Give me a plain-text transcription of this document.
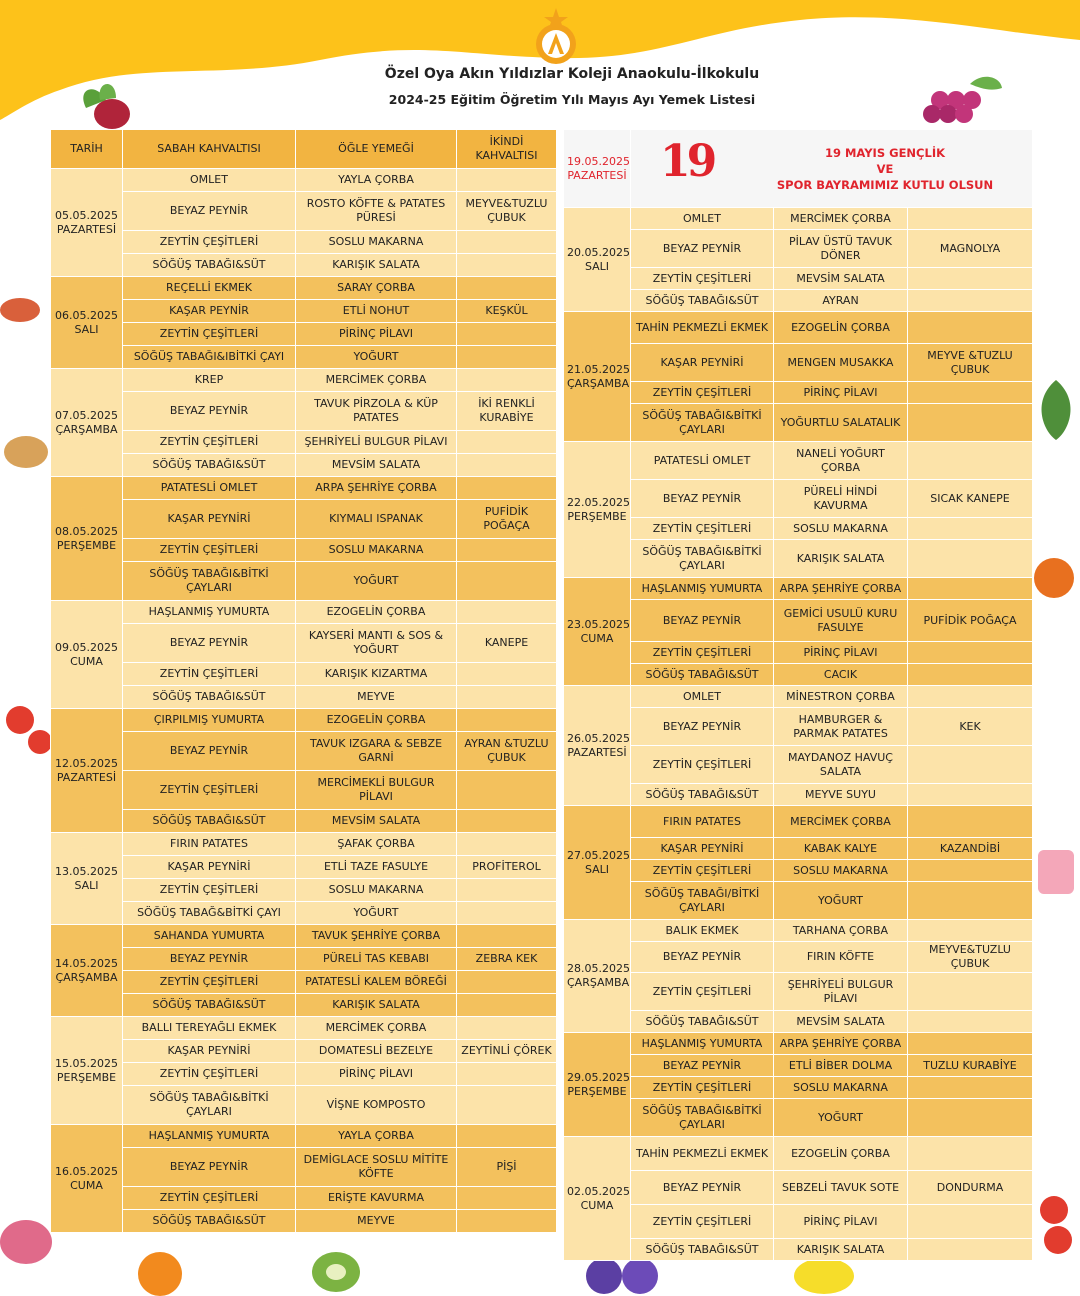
Özel Oya Akın Yıldızlar Koleji Anaokulu-İlkokulu
2024-25 Eğitim Öğretim Yılı Mayıs Ayı Yemek Listesi
TARİH	SABAH KAHVALTISI	ÖĞLE YEMEĞİ	İKİNDİ KAHVALTISI
05.05.2025 PAZARTESİ	OMLET	YAYLA ÇORBA	
	BEYAZ PEYNİR	ROSTO KÖFTE & PATATES PÜRESİ	MEYVE&TUZLU ÇUBUK
	ZEYTİN ÇEŞİTLERİ	SOSLU MAKARNA	
	SÖĞÜŞ TABAĞI&SÜT	KARIŞIK SALATA	
06.05.2025 SALI	REÇELLİ EKMEK	SARAY ÇORBA	
	KAŞAR PEYNİR	ETLİ NOHUT	KEŞKÜL
	ZEYTİN ÇEŞİTLERİ	PİRİNÇ PİLAVI	
	SÖĞÜŞ TABAĞI&IBİTKİ ÇAYI	YOĞURT	
07.05.2025 ÇARŞAMBA	KREP	MERCİMEK ÇORBA	
	BEYAZ PEYNİR	TAVUK PİRZOLA & KÜP PATATES	İKİ RENKLİ KURABİYE
	ZEYTİN ÇEŞİTLERİ	ŞEHRİYELİ BULGUR PİLAVI	
	SÖĞÜŞ TABAĞI&SÜT	MEVSİM SALATA	
08.05.2025 PERŞEMBE	PATATESLİ OMLET	ARPA ŞEHRİYE ÇORBA	
	KAŞAR PEYNİRİ	KIYMALI ISPANAK	PUFİDİK POĞAÇA
	ZEYTİN ÇEŞİTLERİ	SOSLU MAKARNA	
	SÖĞÜŞ TABAĞI&BİTKİ ÇAYLARI	YOĞURT	
09.05.2025 CUMA	HAŞLANMIŞ YUMURTA	EZOGELİN ÇORBA	
	BEYAZ PEYNİR	KAYSERİ MANTI & SOS & YOĞURT	KANEPE
	ZEYTİN ÇEŞİTLERİ	KARIŞIK KIZARTMA	
	SÖĞÜŞ TABAĞI&SÜT	MEYVE	
12.05.2025 PAZARTESİ	ÇIRPILMIŞ YUMURTA	EZOGELİN ÇORBA	
	BEYAZ PEYNİR	TAVUK IZGARA & SEBZE GARNİ	AYRAN &TUZLU ÇUBUK
	ZEYTİN ÇEŞİTLERİ	MERCİMEKLİ BULGUR PİLAVI	
	SÖĞÜŞ TABAĞI&SÜT	MEVSİM SALATA	
13.05.2025 SALI	FIRIN PATATES	ŞAFAK ÇORBA	
	KAŞAR PEYNİRİ	ETLİ TAZE FASULYE	PROFİTEROL
	ZEYTİN ÇEŞİTLERİ	SOSLU MAKARNA	
	SÖĞÜŞ TABAĞ&BİTKİ ÇAYI	YOĞURT	
14.05.2025 ÇARŞAMBA	SAHANDA YUMURTA	TAVUK ŞEHRİYE ÇORBA	
	BEYAZ PEYNİR	PÜRELİ TAS KEBABI	ZEBRA KEK
	ZEYTİN ÇEŞİTLERİ	PATATESLİ KALEM BÖREĞİ	
	SÖĞÜŞ TABAĞI&SÜT	KARIŞIK SALATA	
15.05.2025 PERŞEMBE	BALLI TEREYAĞLI EKMEK	MERCİMEK ÇORBA	
	KAŞAR PEYNİRİ	DOMATESLİ BEZELYE	ZEYTİNLİ ÇÖREK
	ZEYTİN ÇEŞİTLERİ	PİRİNÇ PİLAVI	
	SÖĞÜŞ TABAĞI&BİTKİ ÇAYLARI	VİŞNE KOMPOSTO	
16.05.2025 CUMA	HAŞLANMIŞ YUMURTA	YAYLA ÇORBA	
	BEYAZ PEYNİR	DEMİGLACE SOSLU MİTİTE KÖFTE	PİŞİ
	ZEYTİN ÇEŞİTLERİ	ERİŞTE KAVURMA	
	SÖĞÜŞ TABAĞI&SÜT	MEYVE	
19.05.2025 PAZARTESİ	19 MAYIS GENÇLİK
VE
SPOR BAYRAMIMIZ KUTLU OLSUN		

20.05.2025 SALI	OMLET	MERCİMEK ÇORBA	
	BEYAZ PEYNİR	PİLAV ÜSTÜ TAVUK DÖNER	MAGNOLYA
	ZEYTİN ÇEŞİTLERİ	MEVSİM SALATA	
	SÖĞÜŞ TABAĞI&SÜT	AYRAN	
21.05.2025 ÇARŞAMBA	TAHİN PEKMEZLİ EKMEK	EZOGELİN ÇORBA	
	KAŞAR PEYNİRİ	MENGEN MUSAKKA	MEYVE &TUZLU ÇUBUK
	ZEYTİN ÇEŞİTLERİ	PİRİNÇ PİLAVI	
	SÖĞÜŞ TABAĞI&BİTKİ ÇAYLARI	YOĞURTLU SALATALIK	
22.05.2025 PERŞEMBE	PATATESLİ OMLET	NANELİ YOĞURT ÇORBA	
	BEYAZ PEYNİR	PÜRELİ HİNDİ KAVURMA	SICAK KANEPE
	ZEYTİN ÇEŞİTLERİ	SOSLU MAKARNA	
	SÖĞÜŞ TABAĞI&BİTKİ ÇAYLARI	KARIŞIK SALATA	
23.05.2025 CUMA	HAŞLANMIŞ YUMURTA	ARPA ŞEHRİYE ÇORBA	
	BEYAZ PEYNİR	GEMİCİ USULÜ KURU FASULYE	PUFİDİK POĞAÇA
	ZEYTİN ÇEŞİTLERİ	PİRİNÇ PİLAVI	
	SÖĞÜŞ TABAĞI&SÜT	CACIK	
26.05.2025 PAZARTESİ	OMLET	MİNESTRON ÇORBA	
	BEYAZ PEYNİR	HAMBURGER & PARMAK PATATES	KEK
	ZEYTİN ÇEŞİTLERİ	MAYDANOZ HAVUÇ SALATA	
	SÖĞÜŞ TABAĞI&SÜT	MEYVE SUYU	
27.05.2025 SALI	FIRIN PATATES	MERCİMEK ÇORBA	
	KAŞAR PEYNİRİ	KABAK KALYE	KAZANDİBİ
	ZEYTİN ÇEŞİTLERİ	SOSLU MAKARNA	
	SÖĞÜŞ TABAĞI/BİTKİ ÇAYLARI	YOĞURT	
28.05.2025 ÇARŞAMBA	BALIK EKMEK	TARHANA ÇORBA	
	BEYAZ PEYNİR	FIRIN KÖFTE	MEYVE&TUZLU ÇUBUK
	ZEYTİN ÇEŞİTLERİ	ŞEHRİYELİ BULGUR PİLAVI	
	SÖĞÜŞ TABAĞI&SÜT	MEVSİM SALATA	
29.05.2025 PERŞEMBE	HAŞLANMIŞ YUMURTA	ARPA ŞEHRİYE ÇORBA	
	BEYAZ PEYNİR	ETLİ BİBER DOLMA	TUZLU KURABİYE
	ZEYTİN ÇEŞİTLERİ	SOSLU MAKARNA	
	SÖĞÜŞ TABAĞI&BİTKİ ÇAYLARI	YOĞURT	
02.05.2025 CUMA	TAHİN PEKMEZLİ EKMEK	EZOGELİN ÇORBA	
	BEYAZ PEYNİR	SEBZELİ TAVUK SOTE	DONDURMA
	ZEYTİN ÇEŞİTLERİ	PİRİNÇ PİLAVI	
	SÖĞÜŞ TABAĞI&SÜT	KARIŞIK SALATA	
19
